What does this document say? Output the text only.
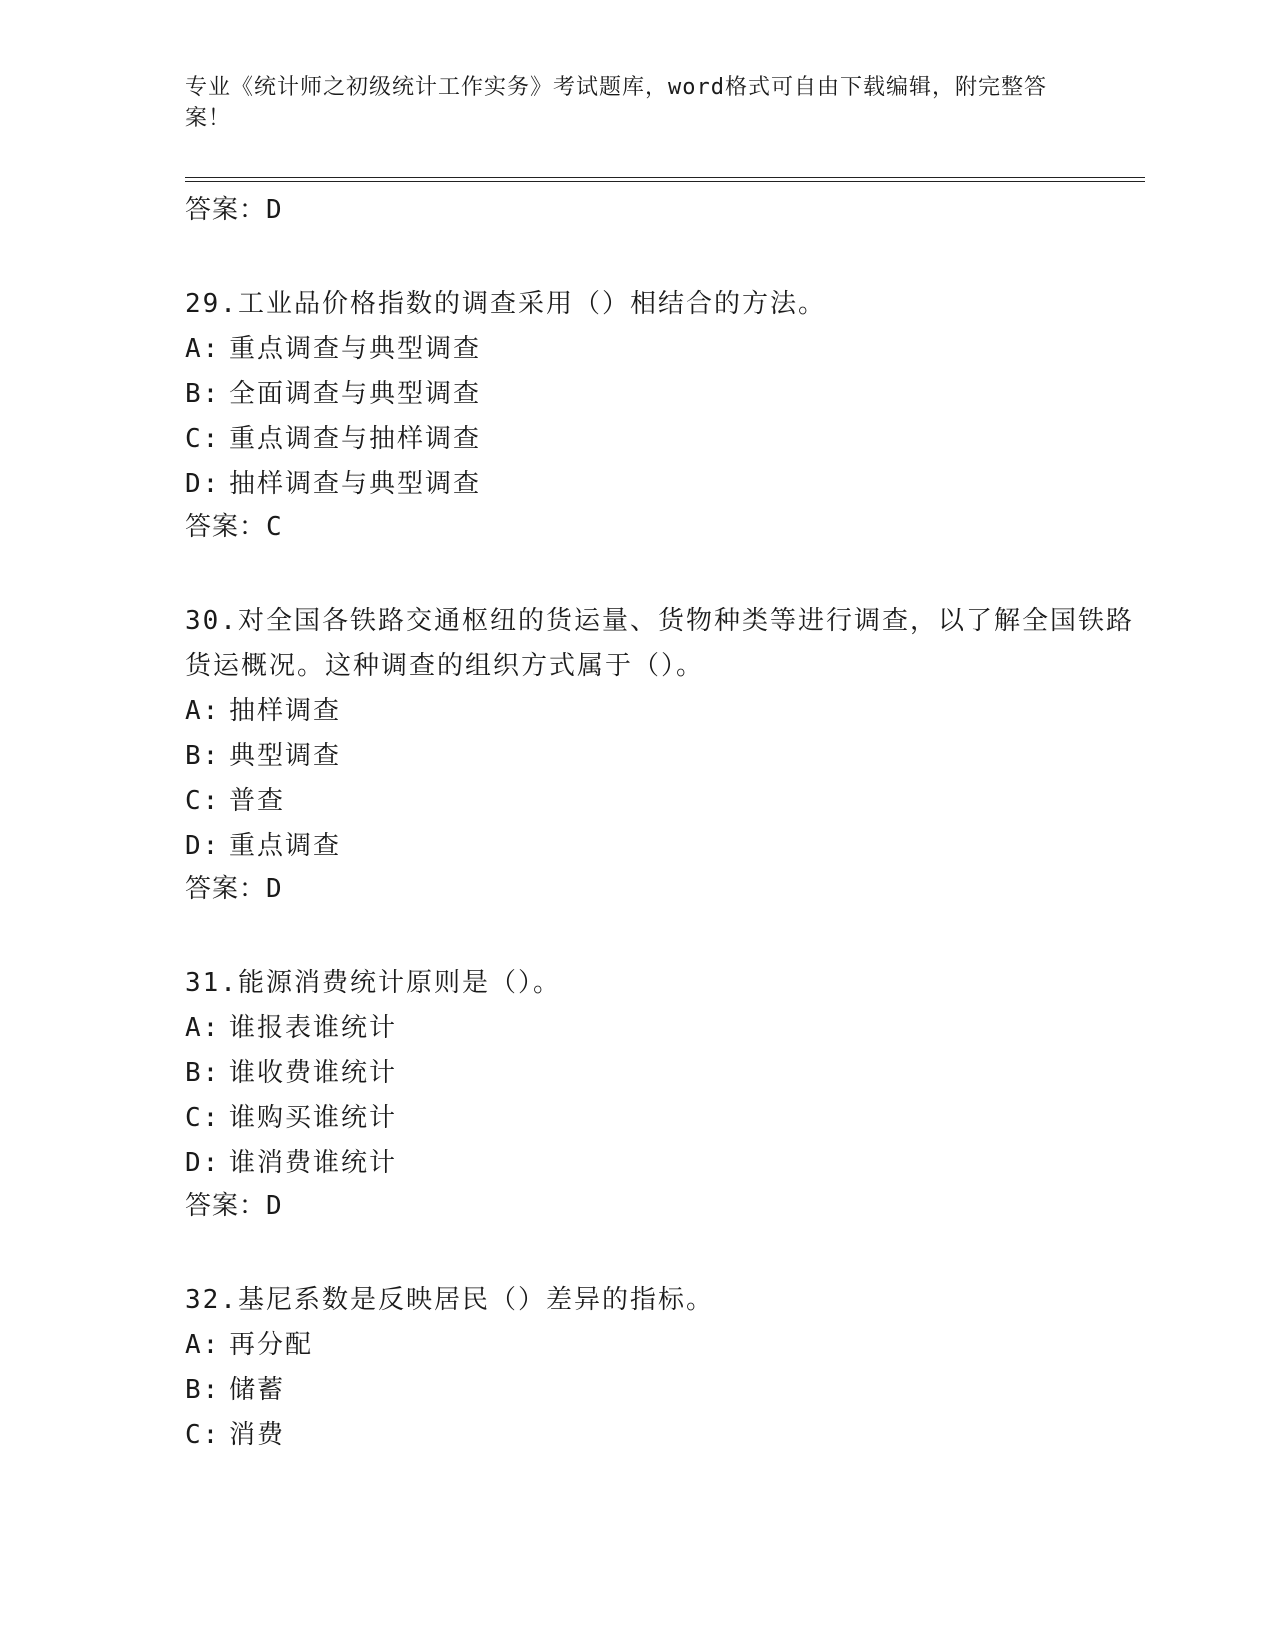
专业《统计师之初级统计工作实务》考试题库，word格式可自由下载编辑，附完整答案！
答案：D
29.工业品价格指数的调查采用（）相结合的方法。
A: 重点调查与典型调查
B: 全面调查与典型调查
C: 重点调查与抽样调查
D: 抽样调查与典型调查
答案：C
30.对全国各铁路交通枢纽的货运量、货物种类等进行调查，以了解全国铁路货运概况。这种调查的组织方式属于（）。
A: 抽样调查
B: 典型调查
C: 普查
D: 重点调查
答案：D
31.能源消费统计原则是（）。
A: 谁报表谁统计
B: 谁收费谁统计
C: 谁购买谁统计
D: 谁消费谁统计
答案：D
32.基尼系数是反映居民（）差异的指标。
A: 再分配
B: 储蓄
C: 消费
